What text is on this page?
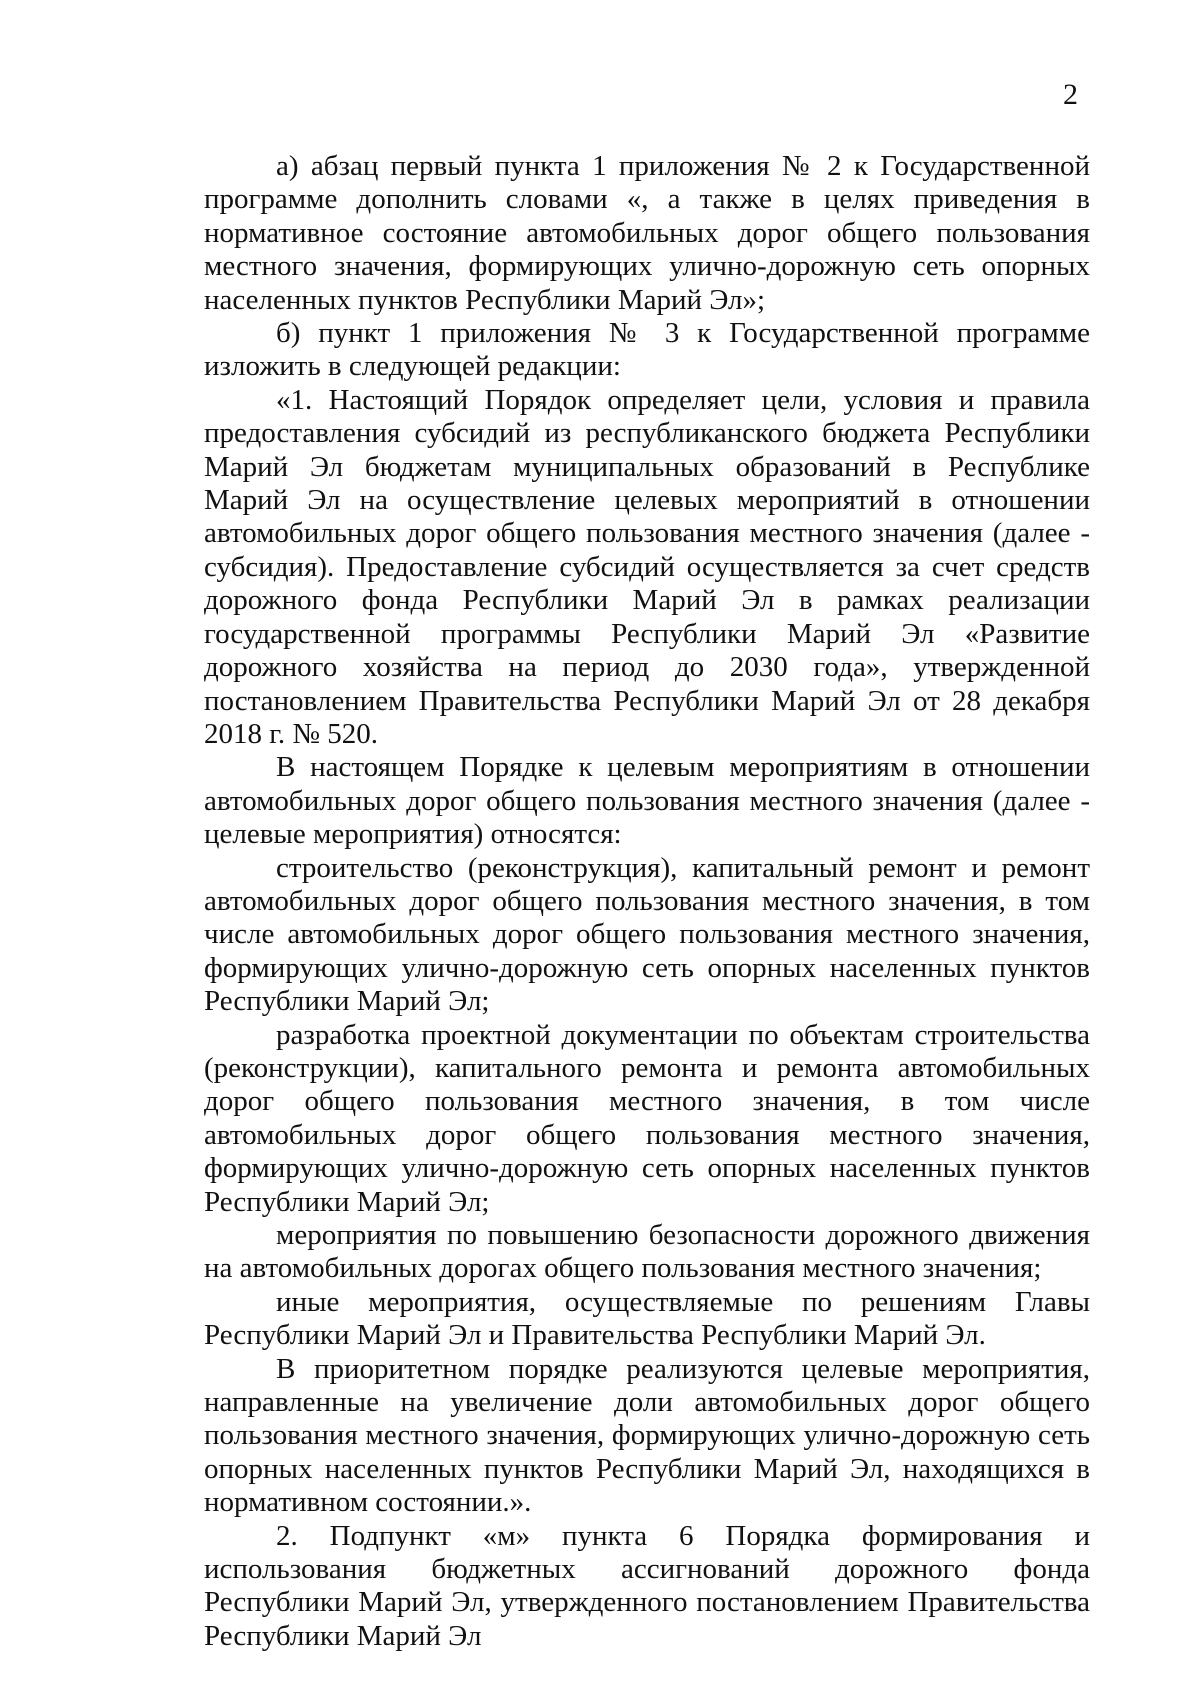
2

а) абзац первый пункта 1 приложения № 2 к Государственной программе дополнить словами «, а также в целях приведения в нормативное состояние автомобильных дорог общего пользования местного значения, формирующих улично-дорожную сеть опорных населенных пунктов Республики Марий Эл»;

б) пункт 1 приложения № 3 к Государственной программе изложить в следующей редакции:

«1. Настоящий Порядок определяет цели, условия и правила предоставления субсидий из республиканского бюджета Республики Марий Эл бюджетам муниципальных образований в Республике Марий Эл на осуществление целевых мероприятий в отношении автомобильных дорог общего пользования местного значения (далее - субсидия). Предоставление субсидий осуществляется за счет средств дорожного фонда Республики Марий Эл в рамках реализации государственной программы Республики Марий Эл «Развитие дорожного хозяйства на период до 2030 года», утвержденной постановлением Правительства Республики Марий Эл от 28 декабря 2018 г. № 520.

В настоящем Порядке к целевым мероприятиям в отношении автомобильных дорог общего пользования местного значения (далее - целевые мероприятия) относятся:

строительство (реконструкция), капитальный ремонт и ремонт автомобильных дорог общего пользования местного значения, в том числе автомобильных дорог общего пользования местного значения, формирующих улично-дорожную сеть опорных населенных пунктов Республики Марий Эл;

разработка проектной документации по объектам строительства (реконструкции), капитального ремонта и ремонта автомобильных дорог общего пользования местного значения, в том числе автомобильных дорог общего пользования местного значения, формирующих улично-дорожную сеть опорных населенных пунктов Республики Марий Эл;

мероприятия по повышению безопасности дорожного движения на автомобильных дорогах общего пользования местного значения;

иные мероприятия, осуществляемые по решениям Главы Республики Марий Эл и Правительства Республики Марий Эл.

В приоритетном порядке реализуются целевые мероприятия, направленные на увеличение доли автомобильных дорог общего пользования местного значения, формирующих улично-дорожную сеть опорных населенных пунктов Республики Марий Эл, находящихся в нормативном состоянии.».

2. Подпункт «м» пункта 6 Порядка формирования и использования бюджетных ассигнований дорожного фонда Республики Марий Эл, утвержденного постановлением Правительства Республики Марий Эл
